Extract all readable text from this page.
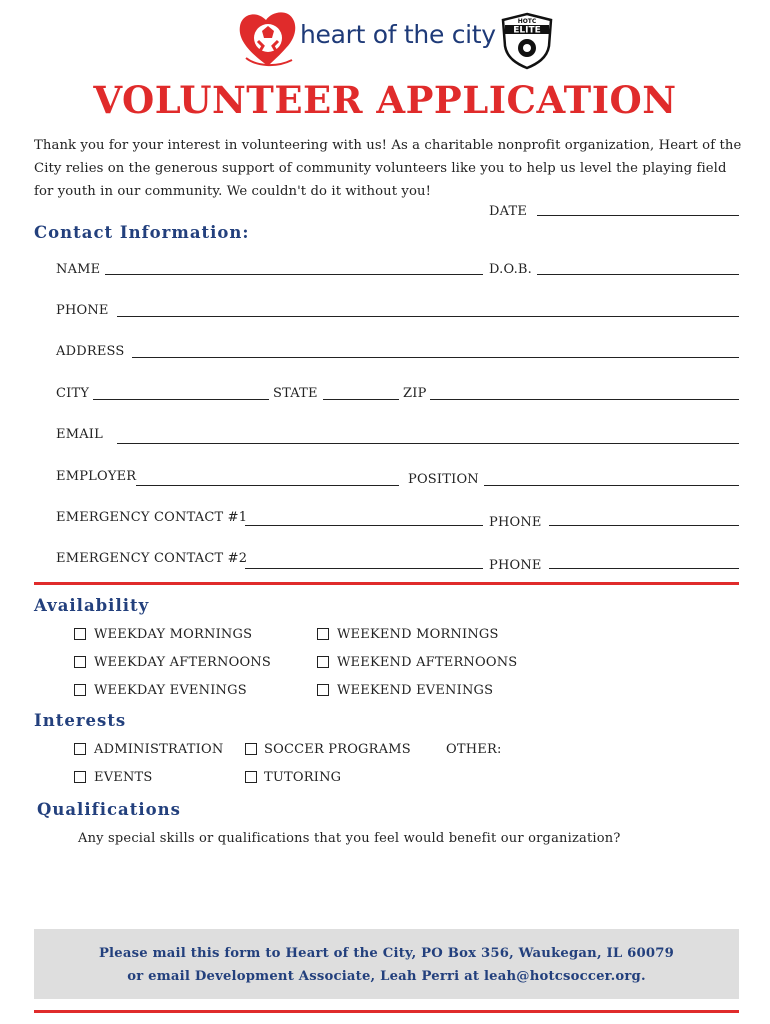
heart of the city	HOTC
ELITE
VOLUNTEER APPLICATION
Thank you for your interest in volunteering with us! As a charitable nonprofit organization, Heart of the City relies on the generous support of community volunteers like you to help us level the playing field for youth in our community. We couldn't do it without you!
DATE
Contact Information:
NAME	D.O.B.
PHONE
ADDRESS
CITY	STATE	ZIP
EMAIL
EMPLOYER	POSITION
EMERGENCY CONTACT #1	PHONE
EMERGENCY CONTACT #2	PHONE
Availability
WEEKDAY MORNINGS	WEEKEND MORNINGS
WEEKDAY AFTERNOONS	WEEKEND AFTERNOONS
WEEKDAY EVENINGS	WEEKEND EVENINGS
Interests
ADMINISTRATION	SOCCER PROGRAMS	OTHER:
EVENTS	TUTORING
Qualifications
Any special skills or qualifications that you feel would benefit our organization?
Please mail this form to Heart of the City, PO Box 356, Waukegan, IL 60079
or email Development Associate, Leah Perri at leah@hotcsoccer.org.
